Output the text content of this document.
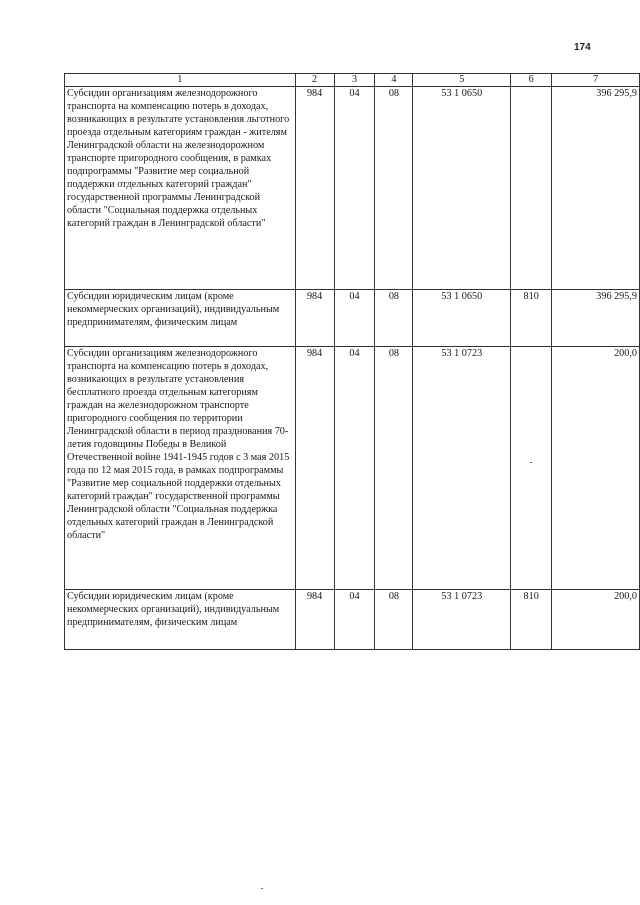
174
1	2	3	4	5	6	7
Субсидии организациям железнодорожного транспорта на компенсацию потерь в доходах, возникающих в результате установления льготного проезда отдельным категориям граждан - жителям Ленинградской области на железнодорожном транспорте пригородного сообщения, в рамках подпрограммы "Развитие мер социальной поддержки отдельных категорий граждан" государственной программы Ленинградской области "Социальная поддержка отдельных категорий граждан в Ленинградской области"	984	04	08	53 1 0650		396 295,9
Субсидии юридическим лицам (кроме некоммерческих организаций), индивидуальным предпринимателям, физическим лицам	984	04	08	53 1 0650	810	396 295,9
Субсидии организациям железнодорожного транспорта на компенсацию потерь в доходах, возникающих в результате установления бесплатного проезда отдельным категориям граждан на железнодорожном транспорте пригородного сообщения по территории Ленинградской области в период празднования 70-летия годовщины Победы в Великой Отечественной войне 1941-1945 годов с 3 мая 2015 года по 12 мая 2015 года, в рамках подпрограммы "Развитие мер социальной поддержки отдельных категорий граждан" государственной программы Ленинградской области "Социальная поддержка отдельных категорий граждан в Ленинградской области"	984	04	08	53 1 0723		200,0
Субсидии юридическим лицам (кроме некоммерческих организаций), индивидуальным предпринимателям, физическим лицам	984	04	08	53 1 0723	810	200,0
